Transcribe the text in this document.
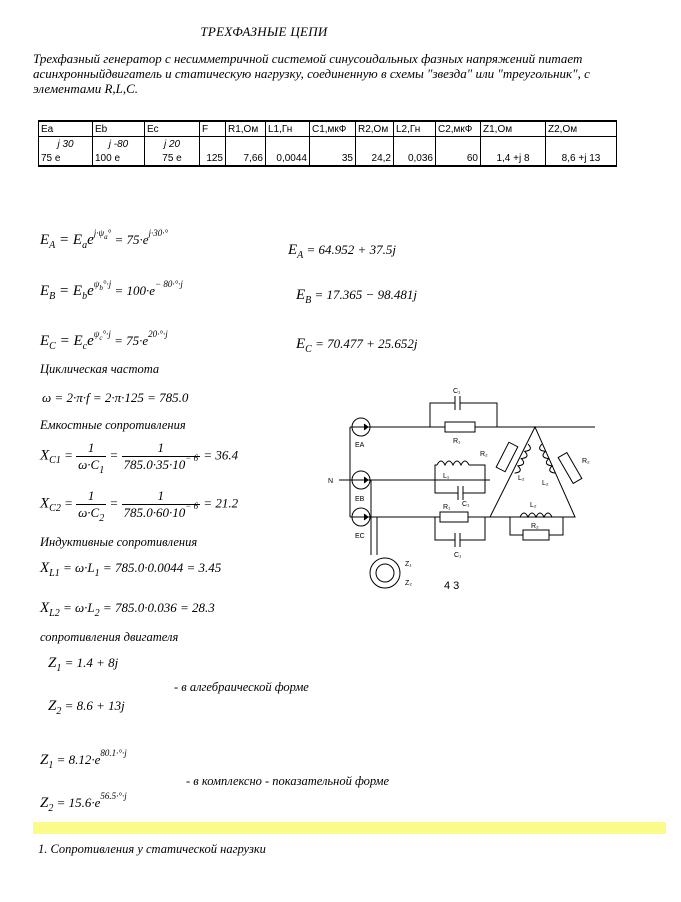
ТРЕХФАЗНЫЕ ЦЕПИ
Трехфазный генератор с несимметричной системой синусоидальных фазных напряжений питает асинхронныйдвигатель и статическую нагрузку, соединенную в схемы "звезда" или "треугольник", с элементами R,L,C.
Ea	Eb	Ec	F	R1,Ом	L1,Гн	C1,мкФ	R2,Ом	L2,Гн	C2,мкФ	Z1,Ом	Z2,Ом
j 30	j -80	j 20									
75 e	100 e	75 e	125	7,66	0,0044	35	24,2	0,036	60	1,4 +j 8	8,6 +j 13
$E_A = E_ae^{j\cdot\psi a^\circ} = 75\cdot e^{j\cdot 30\cdot^\circ}$
$E_A = 64.952 + 37.5j$
$E_B = E_be^{\psi b^\circ\cdot j} = 100\cdot e^{- 80\cdot^\circ\cdot j}$
$E_B = 17.365 - 98.481j$
$E_C = E_ce^{\psi c^\circ\cdot j} = 75\cdot e^{20\cdot^\circ\cdot j}$
$E_C = 70.477 + 25.652j$
Циклическая частота
ω = 2·π·f = 2·π·125 = 785.0
Емкостные сопротивления
$X_{C1} = \frac{1}{\omega\cdot C_1} = \frac{1}{785.0\cdot 35\cdot 10^{- 6}} = 36.4$
$X_{C2} = \frac{1}{\omega\cdot C_2} = \frac{1}{785.0\cdot 60\cdot 10^{- 6}} = 21.2$
Индуктивные сопротивления
$X_{L1} = \omega\cdot L_1 = 785.0\cdot 0.0044 = 3.45$
$X_{L2} = \omega\cdot L_2 = 785.0\cdot 0.036 = 28.3$
сопротивления двигателя
$Z_1 = 1.4 + 8j$
- в алгебраической форме
$Z_2 = 8.6 + 13j$
$Z_1 = 8.12\cdot e^{80.1\cdot^\circ\cdot j}$
- в комплексно - показательной форме
$Z_2 = 15.6\cdot e^{56.5\cdot^\circ\cdot j}$
1. Сопротивления у статической нагрузки
C₁
R₁
EA
EB
EC
N
L₁
C₁
R₁
C₁
R₂
R₂
L₂
L₂
L₂
R₂
Z₁
Z₂	4 3
